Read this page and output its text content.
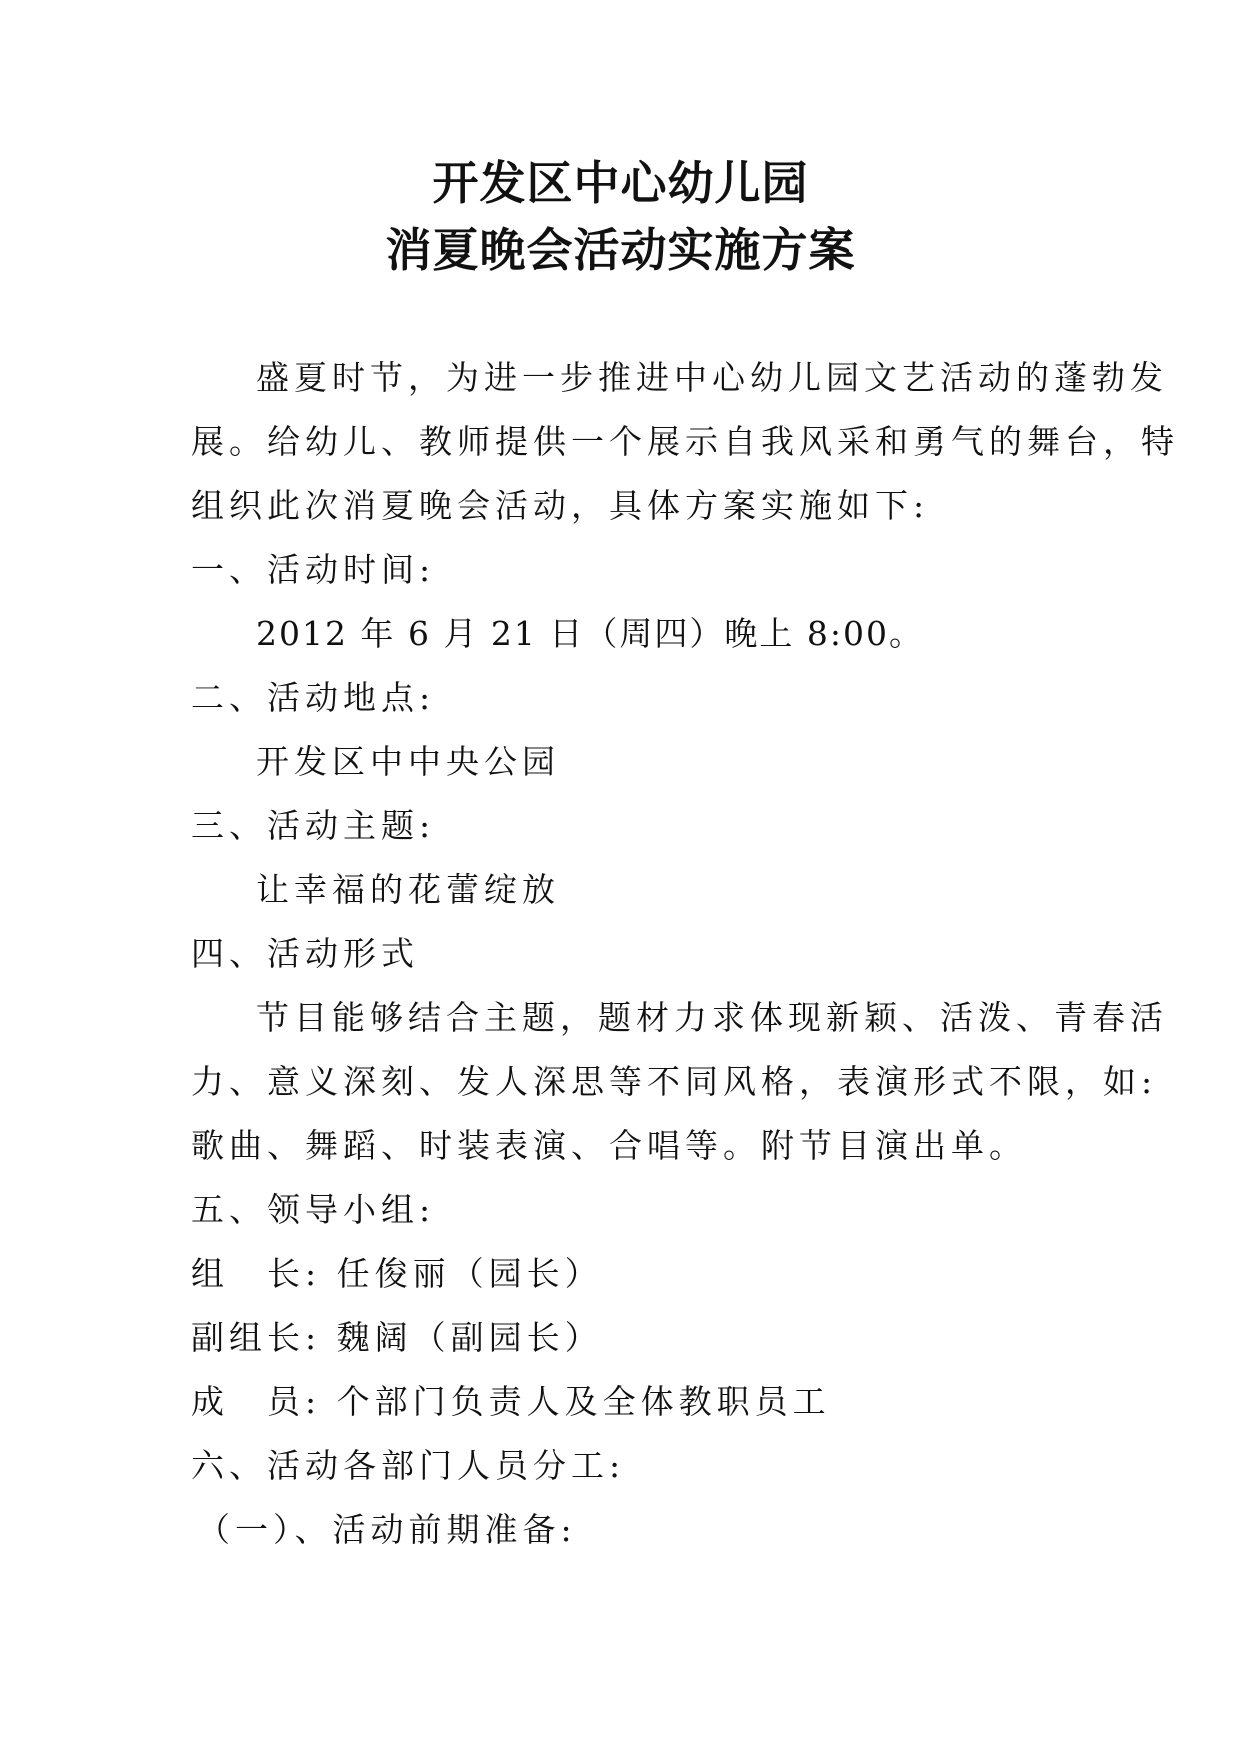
开发区中心幼儿园
消夏晚会活动实施方案
盛夏时节，为进一步推进中心幼儿园文艺活动的蓬勃发
展。给幼儿、教师提供一个展示自我风采和勇气的舞台，特
组织此次消夏晚会活动，具体方案实施如下:
一、活动时间:
2012 年 6 月 21 日（周四）晚上 8:00。
二、活动地点:
开发区中中央公园
三、活动主题:
让幸福的花蕾绽放
四、活动形式
节目能够结合主题，题材力求体现新颖、活泼、青春活
力、意义深刻、发人深思等不同风格，表演形式不限，如:
歌曲、舞蹈、时装表演、合唱等。附节目演出单。
五、领导小组:
组　长: 任俊丽（园长）
副组长: 魏阔（副园长）
成　员: 个部门负责人及全体教职员工
六、活动各部门人员分工:
（一）、活动前期准备:
